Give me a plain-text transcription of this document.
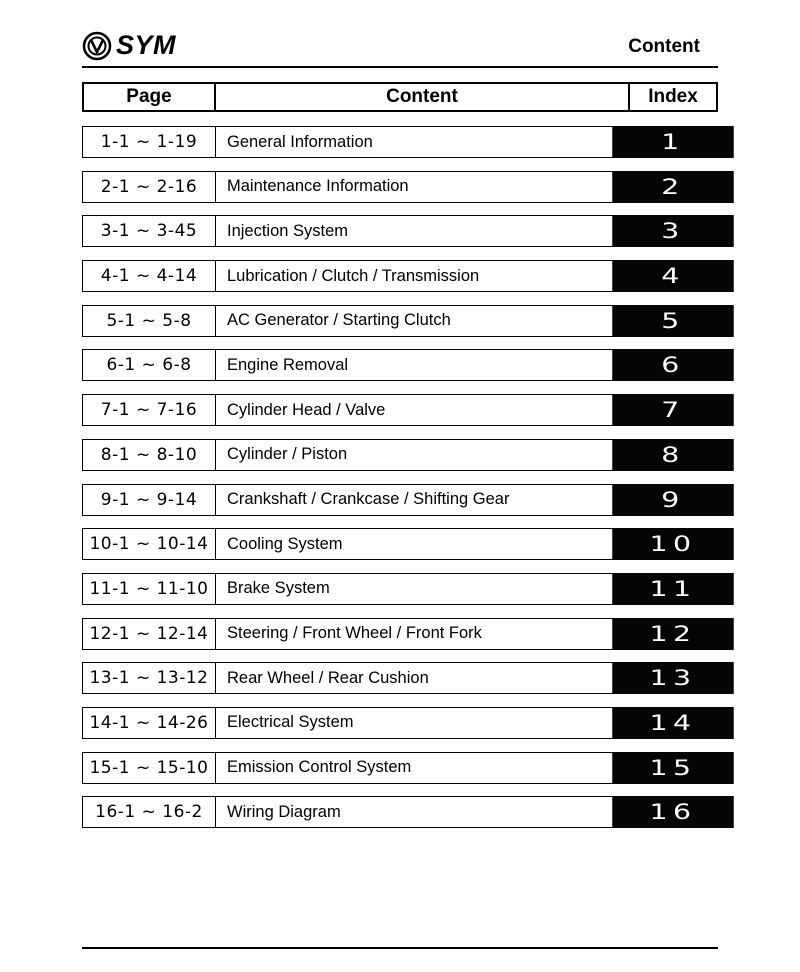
SYM	Content
Page	Content	Index
1-1 ~ 1-19	General Information	1
2-1 ~ 2-16	Maintenance Information	2
3-1 ~ 3-45	Injection System	3
4-1 ~ 4-14	Lubrication / Clutch / Transmission	4
5-1 ~ 5-8	AC Generator / Starting Clutch	5
6-1 ~ 6-8	Engine Removal	6
7-1 ~ 7-16	Cylinder Head / Valve	7
8-1 ~ 8-10	Cylinder / Piston	8
9-1 ~ 9-14	Crankshaft / Crankcase / Shifting Gear	9
10-1 ~ 10-14	Cooling System	10
11-1 ~ 11-10	Brake System	11
12-1 ~ 12-14	Steering / Front Wheel / Front Fork	12
13-1 ~ 13-12	Rear Wheel / Rear Cushion	13
14-1 ~ 14-26	Electrical System	14
15-1 ~ 15-10	Emission Control System	15
16-1 ~ 16-2	Wiring Diagram	16
